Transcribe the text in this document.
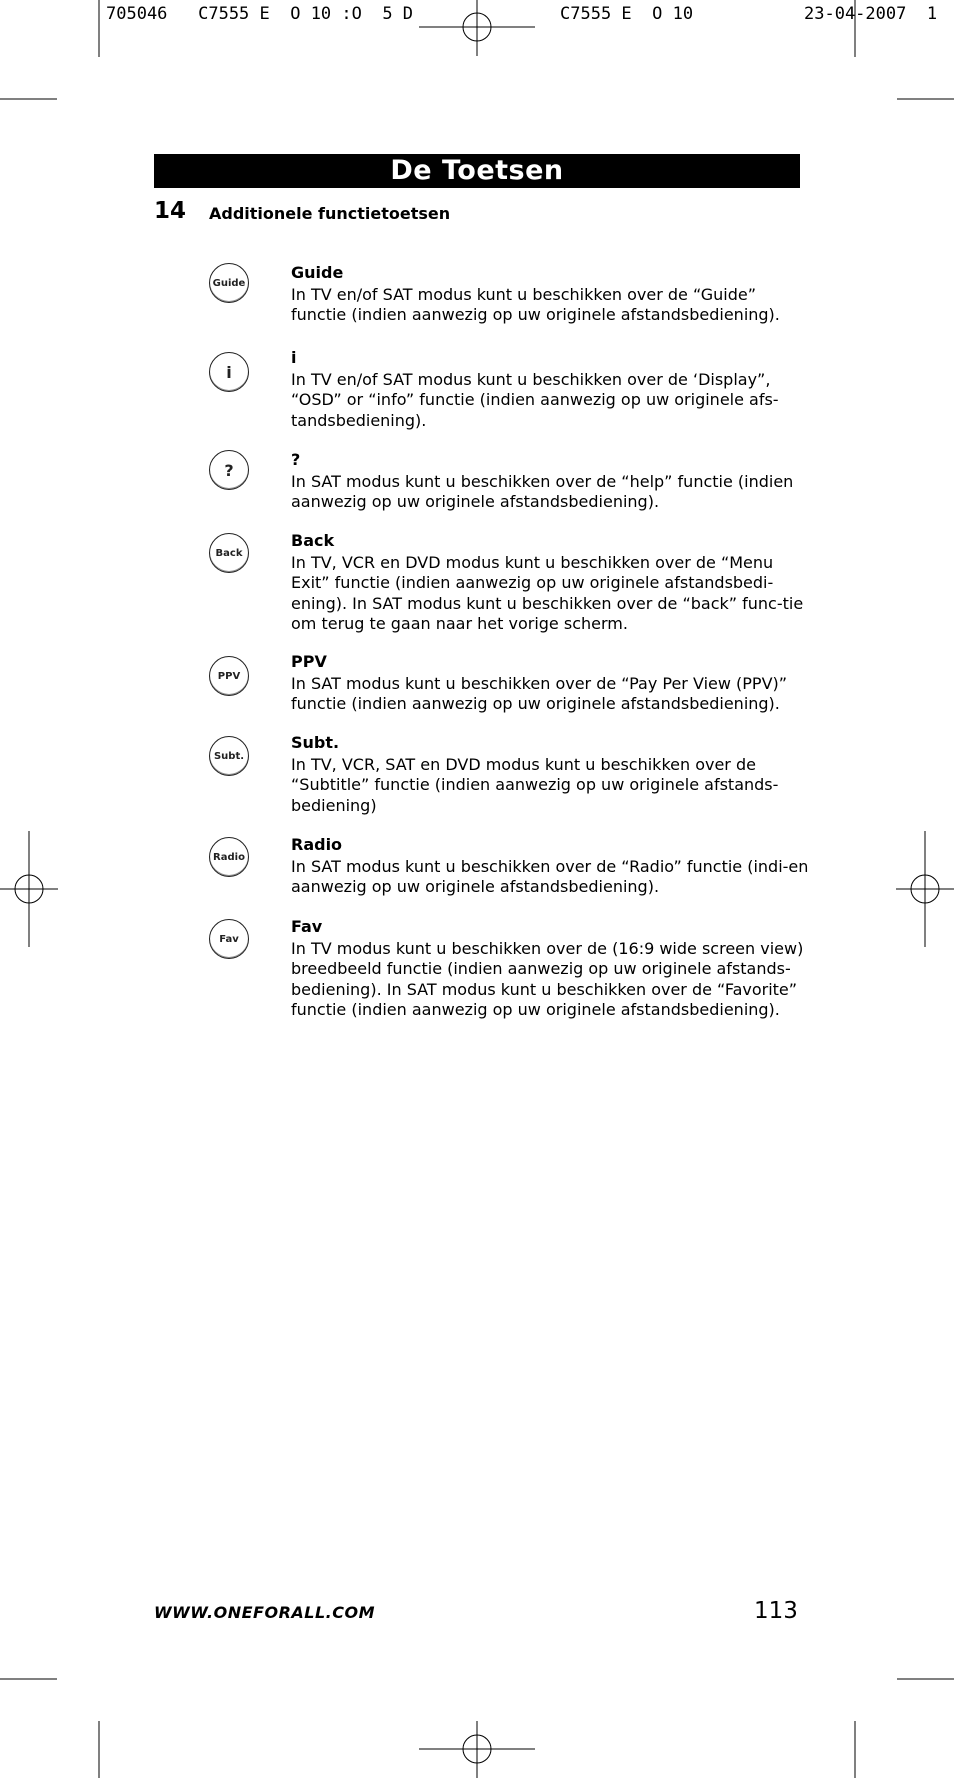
705046   C7555 E  O 10 :O  5 D

	C7555 E  O 10

	23-04-2007  1

De Toetsen
14 Additionele functietoetsen
Guide
Guide
In TV en/of SAT modus kunt u beschikken over de “Guide” functie (indien aanwezig op uw originele afstandsbediening).
i
i
In TV en/of SAT modus kunt u beschikken over de ‘Display”, “OSD” or “info” functie (indien aanwezig op uw originele afs-tandsbediening).
?
?
In SAT modus kunt u beschikken over de “help” functie (indien aanwezig op uw originele afstandsbediening).
Back
Back
In TV, VCR en DVD modus kunt u beschikken over de “Menu Exit” functie (indien aanwezig op uw originele afstandsbedi-ening). In SAT modus kunt u beschikken over de “back” func-tie om terug te gaan naar het vorige scherm.
PPV
PPV
In SAT modus kunt u beschikken over de “Pay Per View (PPV)” functie (indien aanwezig op uw originele afstandsbediening).
Subt.
Subt.
In TV, VCR, SAT en DVD modus kunt u beschikken over de “Subtitle” functie (indien aanwezig op uw originele afstands-bediening)
Radio
Radio
In SAT modus kunt u beschikken over de “Radio” functie (indi-en aanwezig op uw originele afstandsbediening).
Fav
Fav
In TV modus kunt u beschikken over de (16:9 wide screen view) breedbeeld functie (indien aanwezig op uw originele afstands-bediening). In SAT modus kunt u beschikken over de “Favorite” functie (indien aanwezig op uw originele afstandsbediening).
WWW.ONEFORALL.COM	113
